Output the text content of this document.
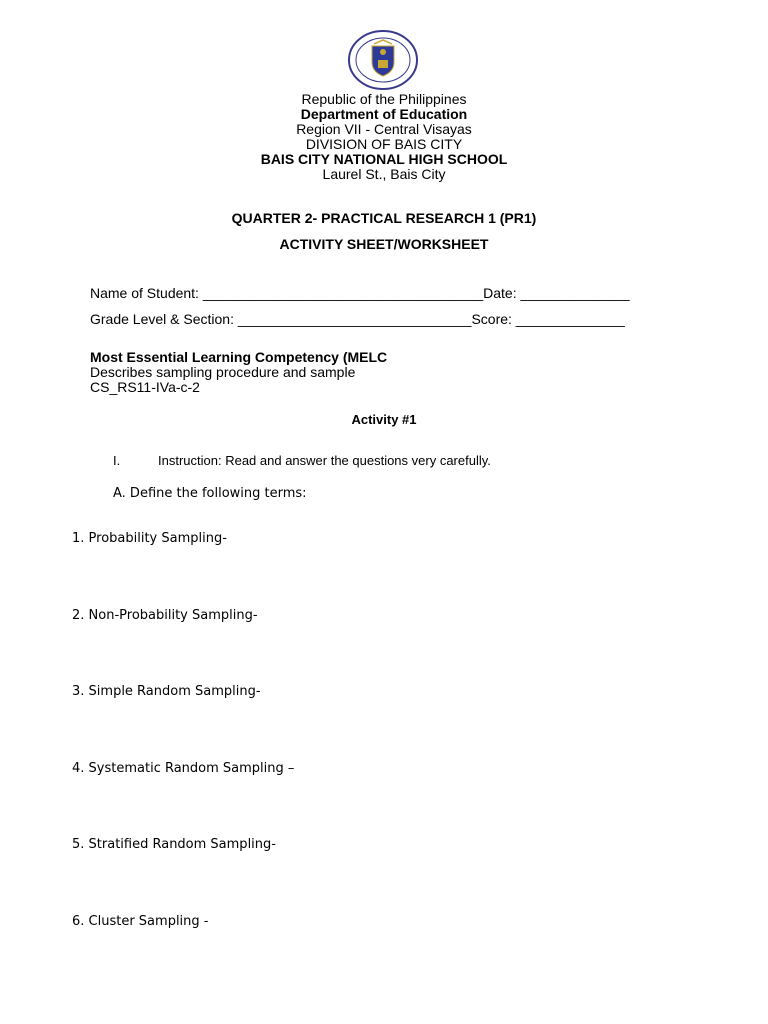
Republic of the Philippines
Department of Education
Region VII - Central Visayas
DIVISION OF BAIS CITY
BAIS CITY NATIONAL HIGH SCHOOL
Laurel St., Bais City
QUARTER 2- PRACTICAL RESEARCH 1 (PR1)
ACTIVITY SHEET/WORKSHEET
Name of Student: ____________________________________Date: ______________
Grade Level & Section: ______________________________Score: ______________
Most Essential Learning Competency (MELC
Describes sampling procedure and sample
CS_RS11-IVa-c-2
Activity #1
I.	Instruction: Read and answer the questions very carefully.
A. Define the following terms:
1. Probability Sampling-
2. Non-Probability Sampling-
3. Simple Random Sampling-
4. Systematic Random Sampling –
5. Stratified Random Sampling-
6. Cluster Sampling -
